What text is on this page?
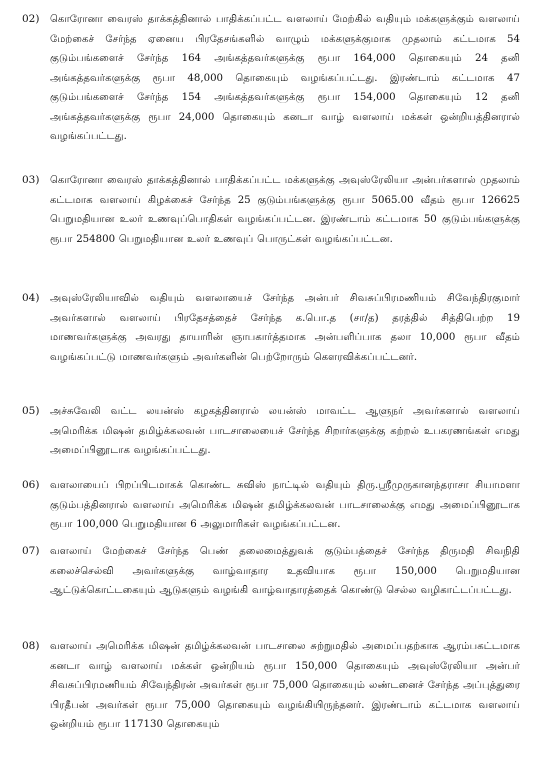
02)	கொரோனா வைரஸ் தாக்கத்தினால் பாதிக்கப்பட்ட வளலாய் மேற்கில் வதியும் மக்களுக்கும் வளலாய் மேற்கைச் சேர்ந்த ஏனைய பிரதேசங்களில் வாழும் மக்களுக்குமாக முதலாம் கட்டமாக 54 குடும்பங்களைச் சேர்ந்த 164 அங்கத்தவர்களுக்கு ரூபா 164,000 தொகையும் 24 தனி அங்கத்தவர்களுக்கு ரூபா 48,000 தொகையும் வழங்கப்பட்டது. இரண்டாம் கட்டமாக 47 குடும்பங்களைச் சேர்ந்த 154 அங்கத்தவர்களுக்கு ரூபா 154,000 தொகையும் 12 தனி அங்கத்தவர்களுக்கு ரூபா 24,000 தொகையும் கனடா வாழ் வளலாய் மக்கள் ஒன்றியத்தினரால் வழங்கப்பட்டது.

03)	கொரோனா வைரஸ் தாக்கத்தினால் பாதிக்கப்பட்ட மக்களுக்கு அவுஸ்ரேலியா அன்பர்களால் முதலாம் கட்டமாக வளலாய் கிழக்கைச் சேர்ந்த 25 குடும்பங்களுக்கு ரூபா 5065.00 வீதம் ரூபா 126625 பெறுமதியான உலர் உணவுப்பொதிகள் வழங்கப்பட்டன. இரண்டாம் கட்டமாக 50 குடும்பங்களுக்கு ரூபா 254800 பெறுமதியான உலர் உணவுப் பொருட்கள் வழங்கப்பட்டன.

04)	அவுஸ்ரேலியாவில் வதியும் வளலாயைச் சேர்ந்த அன்பர் சிவசுப்பிரமணியம் சிவேந்திரகுமார் அவர்களால் வளலாய் பிரதேசத்தைச் சேர்ந்த க.பொ.த (சா/த) தரத்தில் சித்திபெற்ற 19 மாணவர்களுக்கு அவரது தாயாரின் ஞாபகார்த்தமாக அன்பளிப்பாக தலா 10,000 ரூபா வீதம் வழங்கப்பட்டு மாணவர்களும் அவர்களின் பெற்றோரும் கௌரவிக்கப்பட்டனர்.

05)	அச்சுவேலி வட்ட லயன்ஸ் கழகத்தினரால் லயன்ஸ் மாவட்ட ஆளுநர் அவர்களால் வளலாய் அமெரிக்க மிஷன் தமிழ்க்கலவன் பாடசாலையைச் சேர்ந்த சிறார்களுக்கு கற்றல் உபகரணங்கள் எமது அமைப்பினூடாக வழங்கப்பட்டது.

06)	வளலாயைப் பிறப்பிடமாகக் கொண்ட சுவிஸ் நாட்டில் வதியும் திரு.ஸ்ரீமுருகானந்தராசா சியாமளா குடும்பத்தினரால் வளலாய் அமெரிக்க மிஷன் தமிழ்க்கலவன் பாடசாலைக்கு எமது அமைப்பினூடாக ரூபா 100,000 பெறுமதியான 6 அலுமாரிகள் வழங்கப்பட்டன.

07)	வளலாய் மேற்கைச் சேர்ந்த பெண் தலைமைத்துவக் குடும்பத்தைச் சேர்ந்த திருமதி சிவநிதி கலைச்செல்வி அவர்களுக்கு வாழ்வாதார உதவியாக ரூபா 150,000 பெறுமதியான ஆட்டுக்கொட்டகையும் ஆடுகளும் வழங்கி வாழ்வாதாரத்தைக் கொண்டு செல்ல வழிகாட்டப்பட்டது.

08)	வளலாய் அமெரிக்க மிஷன் தமிழ்க்கலவன் பாடசாலை சுற்றுமதில் அமைப்பதற்காக ஆரம்பகட்டமாக கனடா வாழ் வளலாய் மக்கள் ஒன்றியம் ரூபா 150,000 தொகையும் அவுஸ்ரேலியா அன்பர் சிவசுப்பிரமணியம் சிவேந்திரன் அவர்கள் ரூபா 75,000 தொகையும் லண்டனைச் சேர்ந்த அப்புத்துரை பிரதீபன் அவர்கள் ரூபா 75,000 தொகையும் வழங்கியிருந்தனர். இரண்டாம் கட்டமாக வளலாய் ஒன்றியம் ரூபா 117130 தொகையும்
